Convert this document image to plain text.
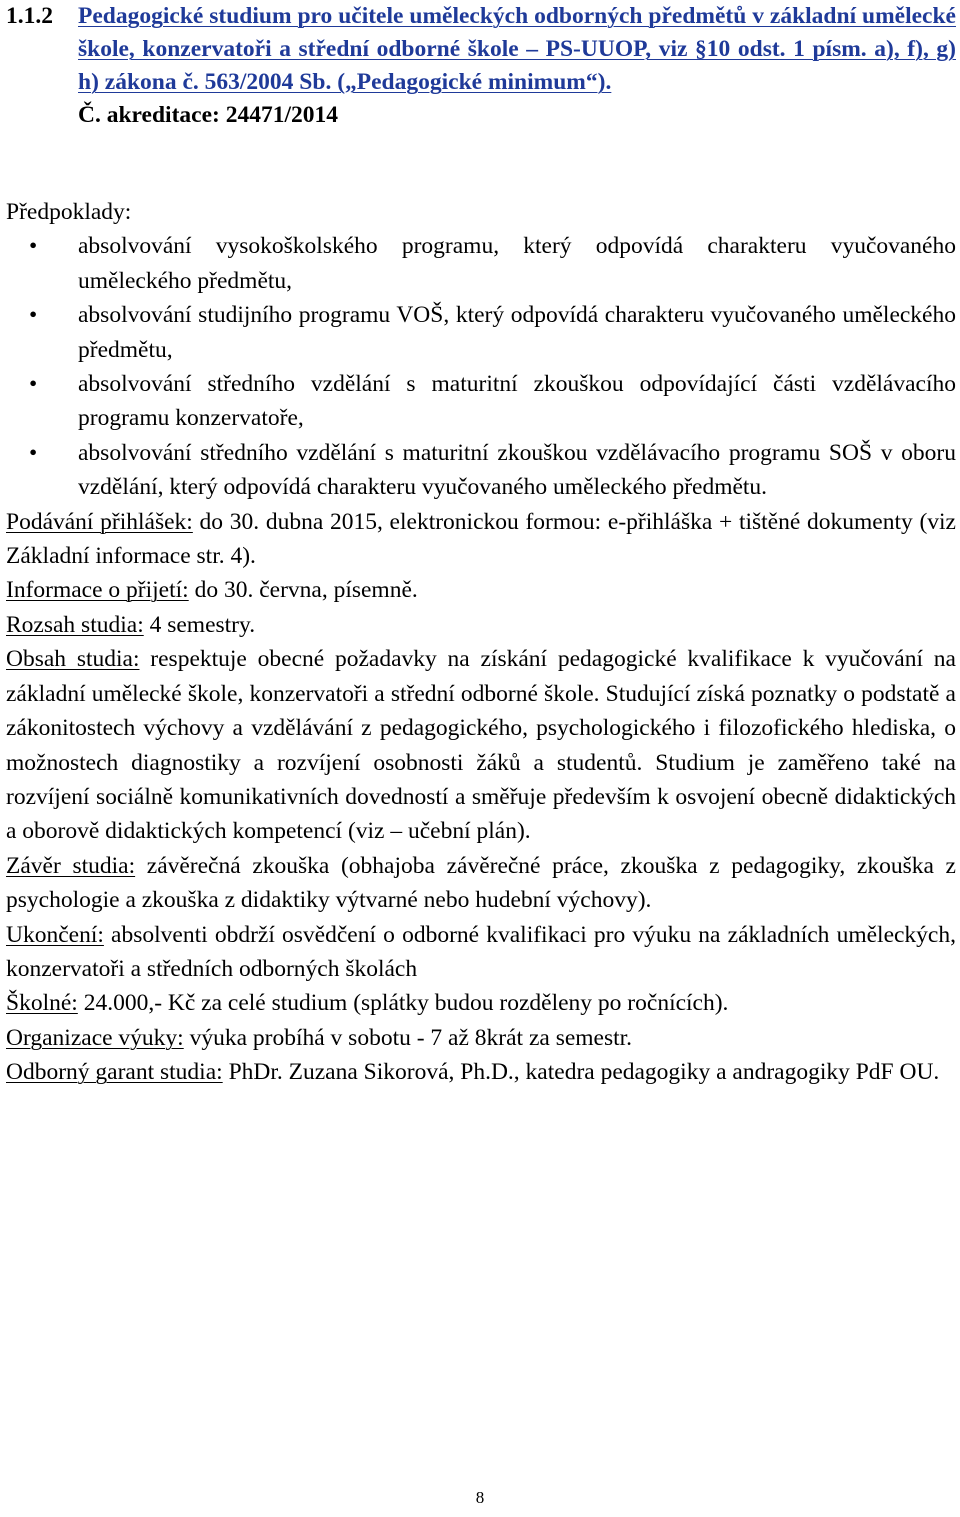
1.1.2 Pedagogické studium pro učitele uměleckých odborných předmětů v základní umělecké škole, konzervatoři a střední odborné škole – PS-UUOP, viz §10 odst. 1 písm. a), f), g) h) zákona č. 563/2004 Sb. („Pedagogické minimum“).
Č. akreditace: 24471/2014

Předpoklady:

•	absolvování vysokoškolského programu, který odpovídá charakteru vyučovaného uměleckého předmětu,
•	absolvování studijního programu VOŠ, který odpovídá charakteru vyučovaného uměleckého předmětu,
•	absolvování středního vzdělání s maturitní zkouškou odpovídající části vzdělávacího programu konzervatoře,
•	absolvování středního vzdělání s maturitní zkouškou vzdělávacího programu SOŠ v oboru vzdělání, který odpovídá charakteru vyučovaného uměleckého předmětu.

Podávání přihlášek: do 30. dubna 2015, elektronickou formou: e-přihláška + tištěné dokumenty (viz Základní informace str. 4).

Informace o přijetí: do 30. června, písemně.

Rozsah studia: 4 semestry.

Obsah studia: respektuje obecné požadavky na získání pedagogické kvalifikace k vyučování na základní umělecké škole, konzervatoři a střední odborné škole. Studující získá poznatky o podstatě a zákonitostech výchovy a vzdělávání z pedagogického, psychologického i filozofického hlediska, o možnostech diagnostiky a rozvíjení osobnosti žáků a studentů. Studium je zaměřeno také na rozvíjení sociálně komunikativních dovedností a směřuje především k osvojení obecně didaktických a oborově didaktických kompetencí (viz – učební plán).

Závěr studia: závěrečná zkouška (obhajoba závěrečné práce, zkouška z pedagogiky, zkouška z psychologie a zkouška z didaktiky výtvarné nebo hudební výchovy).

Ukončení: absolventi obdrží osvědčení o odborné kvalifikaci pro výuku na základních uměleckých, konzervatoři a středních odborných školách

Školné: 24.000,- Kč za celé studium (splátky budou rozděleny po ročnících).

Organizace výuky: výuka probíhá v sobotu - 7 až 8krát za semestr.

Odborný garant studia: PhDr. Zuzana Sikorová, Ph.D., katedra pedagogiky a andragogiky PdF OU.

8
